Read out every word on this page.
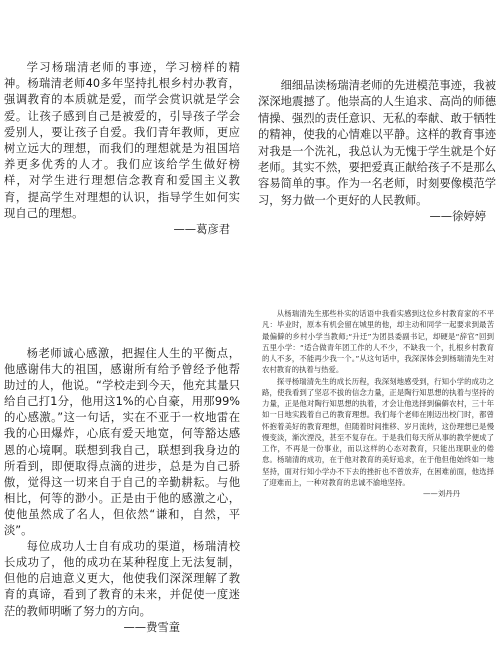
学习杨瑞清老师的事迹，学习榜样的精神。杨瑞清老师40多年坚持扎根乡村办教育，强调教育的本质就是爱，而学会赏识就是学会爱。让孩子感到自己是被爱的，引导孩子学会爱别人，要让孩子自爱。我们青年教师，更应树立远大的理想，而我们的理想就是为祖国培养更多优秀的人才。我们应该给学生做好榜样，对学生进行理想信念教育和爱国主义教育，提高学生对理想的认识，指导学生如何实现自己的理想。

——葛彦君

细细品读杨瑞清老师的先进模范事迹，我被深深地震撼了。他崇高的人生追求、高尚的师德情操、强烈的责任意识、无私的奉献、敢于牺牲的精神，使我的心情难以平静。这样的教育事迹对我是一个洗礼，我总认为无愧于学生就是个好老师。其实不然，要把爱真正献给孩子不是那么容易简单的事。作为一名老师，时刻要像模范学习，努力做一个更好的人民教师。

——徐婷婷

杨老师诚心感激，把握住人生的平衡点，他感谢伟大的祖国，感谢所有给予曾经予他帮助过的人，他说。“学校走到今天，他充其量只给自己打1分，他用这1%的心自豪，用那99%的心感激。”这一句话，实在不亚于一枚地雷在我的心田爆炸，心底有爱天地宽，何等豁达感恩的心境啊。联想到我自己，联想到我身边的所看到，即便取得点滴的进步，总是为自己骄傲，觉得这一切来自于自己的辛勤耕耘。与他相比，何等的渺小。正是由于他的感激之心，使他虽然成了名人，但依然“谦和，自然，平淡”。

每位成功人士自有成功的渠道，杨瑞清校长成功了，他的成功在某种程度上无法复制，但他的启迪意义更大，他使我们深深理解了教育的真谛，看到了教育的未来，并促使一度迷茫的教师明晰了努力的方向。

——费雪童

从杨瑞清先生那些朴实的话语中我看实感到这位乡村教育家的不平凡：毕业时，原本有机会留在城里的他，却主动和同学一起要求到最苦最偏僻的乡村小学当教师;“升迁”为团县委副书记，却硬是“辞官”回到五里小学：“适合做青年团工作的人不少，不缺我一个，扎根乡村教育的人不多，不能再少我一个。”从这句话中，我深深体会到杨瑞清先生对农村教育的执着与热爱。

探寻杨瑞清先生的成长历程，我深刻地感受到，行知小学的成功之路，使我看到了坚忍不拔的信念力量，正是陶行知思想的执着与坚持的力量，正是他对陶行知思想的执着，才会让他选择到偏僻农村，三十年如一日地实践着自己的教育理想。我们每个老师在刚迈出校门时，都曾怀抱着美好的教育理想，但随着时间推移、岁月流转，这份理想已是慢慢变淡，渐次湮没，甚至不复存在。于是我们每天所从事的教学便成了工作，不再是一份事业，而以这样的心态对教育，只能出现职业的倦怠。杨瑞清的成功，在于他对教育的美好追求，在于他但他始终如一地坚持，面对行知小学办不下去的挫折也不曾放弃，在困难前面，他选择了迎难而上，一种对教育的忠诚不渝地坚持。

——刘丹丹
